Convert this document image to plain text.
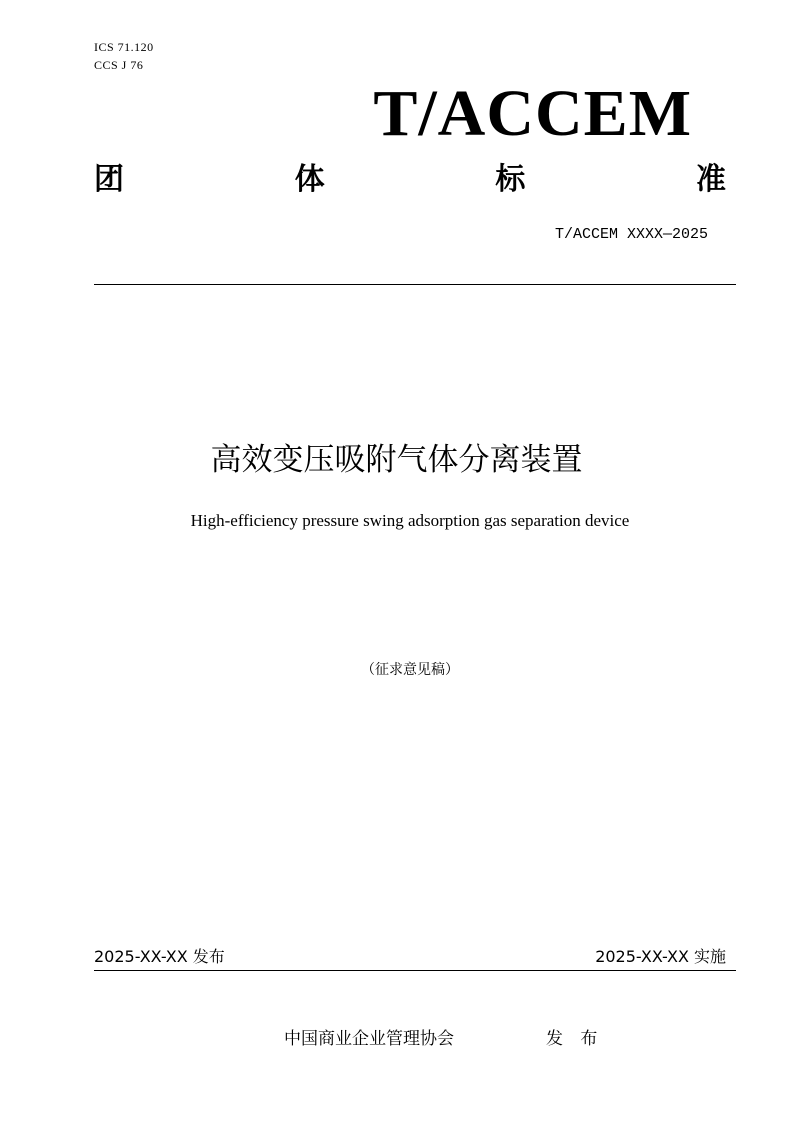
ICS 71.120
CCS J 76
T/ACCEM
团	体	标	准
T/ACCEM XXXX—2025
高效变压吸附气体分离装置
High-efficiency pressure swing adsorption gas separation device
（征求意见稿）
2025-XX-XX 发布	2025-XX-XX 实施
中国商业企业管理协会	发 布
